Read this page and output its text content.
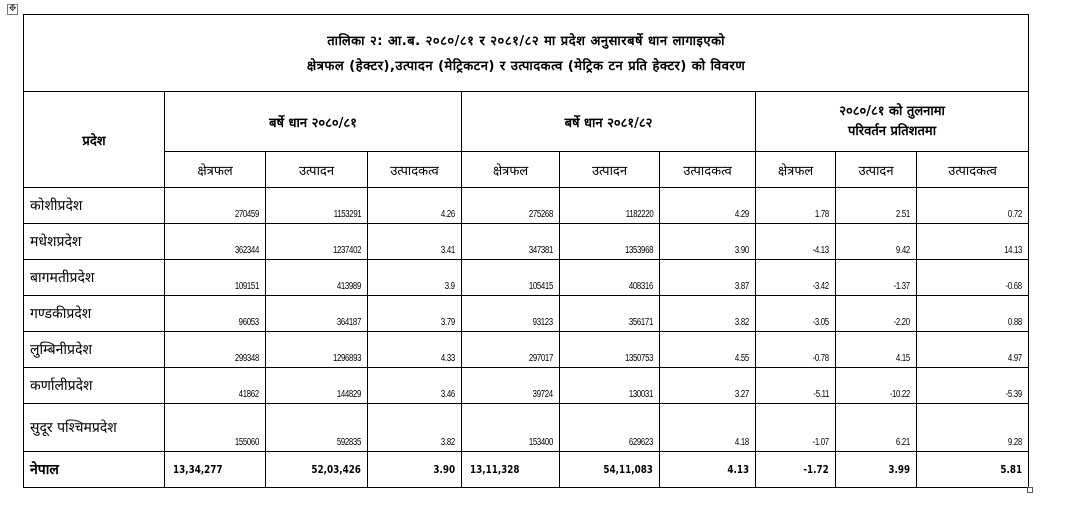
✥
तालिका २: आ.ब. २०८०/८१ र २०८१/८२ मा प्रदेश अनुसारबर्षे धान लागाइएको
क्षेत्रफल (हेक्टर),उत्पादन (मेट्रिकटन) र उत्पादकत्व (मेट्रिक टन प्रति हेक्टर) को विवरण									

प्रदेश	बर्षे धान २०८०/८१			बर्षे धान २०८१/८२			२०८०/८१ को तुलनामा
परिवर्तन प्रतिशतमा		

	क्षेत्रफल	उत्पादन	उत्पादकत्व	क्षेत्रफल	उत्पादन	उत्पादकत्व	क्षेत्रफल	उत्पादन	उत्पादकत्व
कोशीप्रदेश	270459	1153291	4.26	275268	1182220	4.29	1.78	2.51	0.72
मधेशप्रदेश	362344	1237402	3.41	347381	1353968	3.90	-4.13	9.42	14.13
बागमतीप्रदेश	109151	413989	3.9	105415	408316	3.87	-3.42	-1.37	-0.68
गण्डकीप्रदेश	96053	364187	3.79	93123	356171	3.82	-3.05	-2.20	0.88
लुम्बिनीप्रदेश	299348	1296893	4.33	297017	1350753	4.55	-0.78	4.15	4.97
कर्णालीप्रदेश	41862	144829	3.46	39724	130031	3.27	-5.11	-10.22	-5.39
सुदूर पश्चिमप्रदेश	155060	592835	3.82	153400	629623	4.18	-1.07	6.21	9.28
नेपाल	13,34,277	52,03,426	3.90	13,11,328	54,11,083	4.13	-1.72	3.99	5.81
